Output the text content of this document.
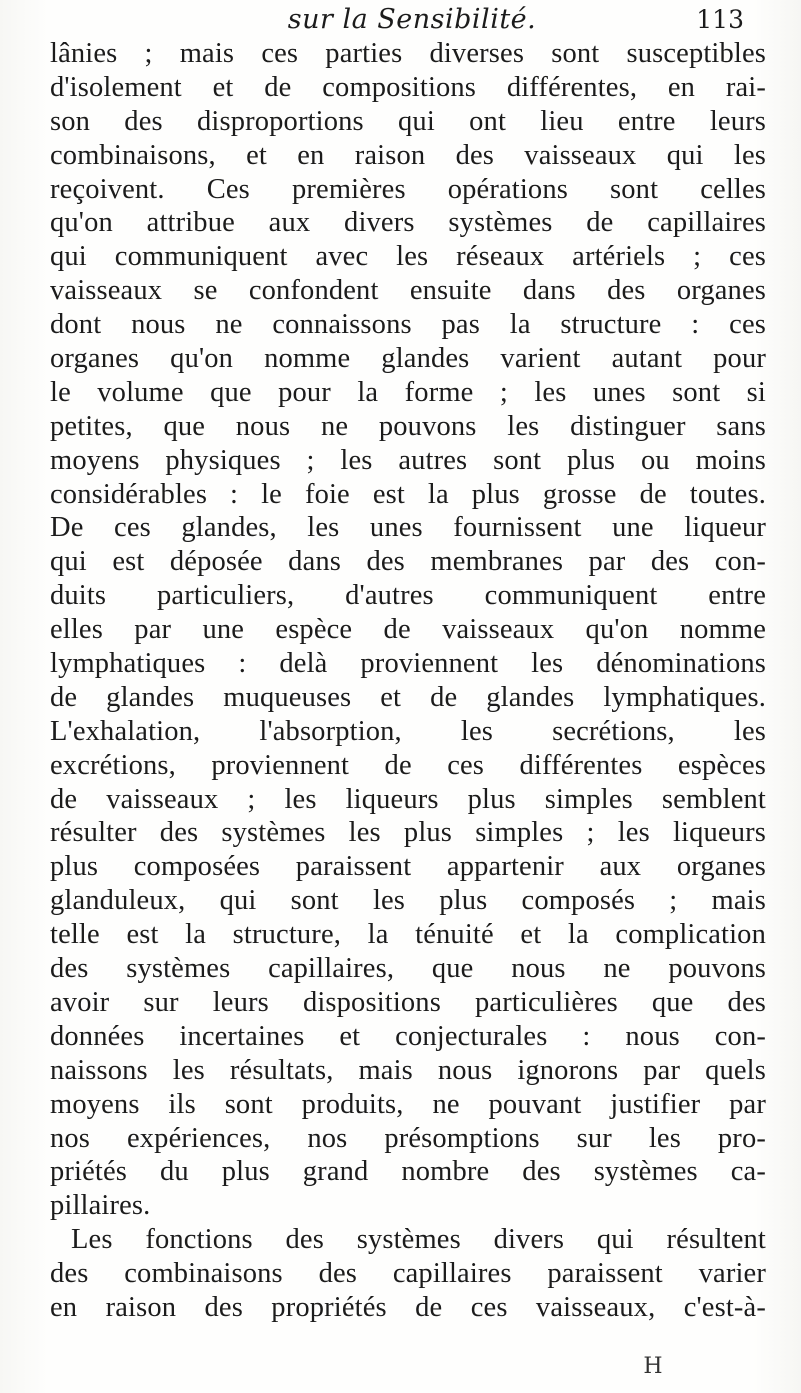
sur la Sensibilité.	113
lânies ; mais ces parties diverses sont susceptibles
d'isolement et de compositions différentes, en rai-
son des disproportions qui ont lieu entre leurs
combinaisons, et en raison des vaisseaux qui les
reçoivent. Ces premières opérations sont celles
qu'on attribue aux divers systèmes de capillaires
qui communiquent avec les réseaux artériels ; ces
vaisseaux se confondent ensuite dans des organes
dont nous ne connaissons pas la structure : ces
organes qu'on nomme glandes varient autant pour
le volume que pour la forme ; les unes sont si
petites, que nous ne pouvons les distinguer sans
moyens physiques ; les autres sont plus ou moins
considérables : le foie est la plus grosse de toutes.
De ces glandes, les unes fournissent une liqueur
qui est déposée dans des membranes par des con-
duits particuliers, d'autres communiquent entre
elles par une espèce de vaisseaux qu'on nomme
lymphatiques : delà proviennent les dénominations
de glandes muqueuses et de glandes lymphatiques.
L'exhalation, l'absorption, les secrétions, les
excrétions, proviennent de ces différentes espèces
de vaisseaux ; les liqueurs plus simples semblent
résulter des systèmes les plus simples ; les liqueurs
plus composées paraissent appartenir aux organes
glanduleux, qui sont les plus composés ; mais
telle est la structure, la ténuité et la complication
des systèmes capillaires, que nous ne pouvons
avoir sur leurs dispositions particulières que des
données incertaines et conjecturales : nous con-
naissons les résultats, mais nous ignorons par quels
moyens ils sont produits, ne pouvant justifier par
nos expériences, nos présomptions sur les pro-
priétés du plus grand nombre des systèmes ca-
pillaires.
Les fonctions des systèmes divers qui résultent
des combinaisons des capillaires paraissent varier
en raison des propriétés de ces vaisseaux, c'est-à-
H
